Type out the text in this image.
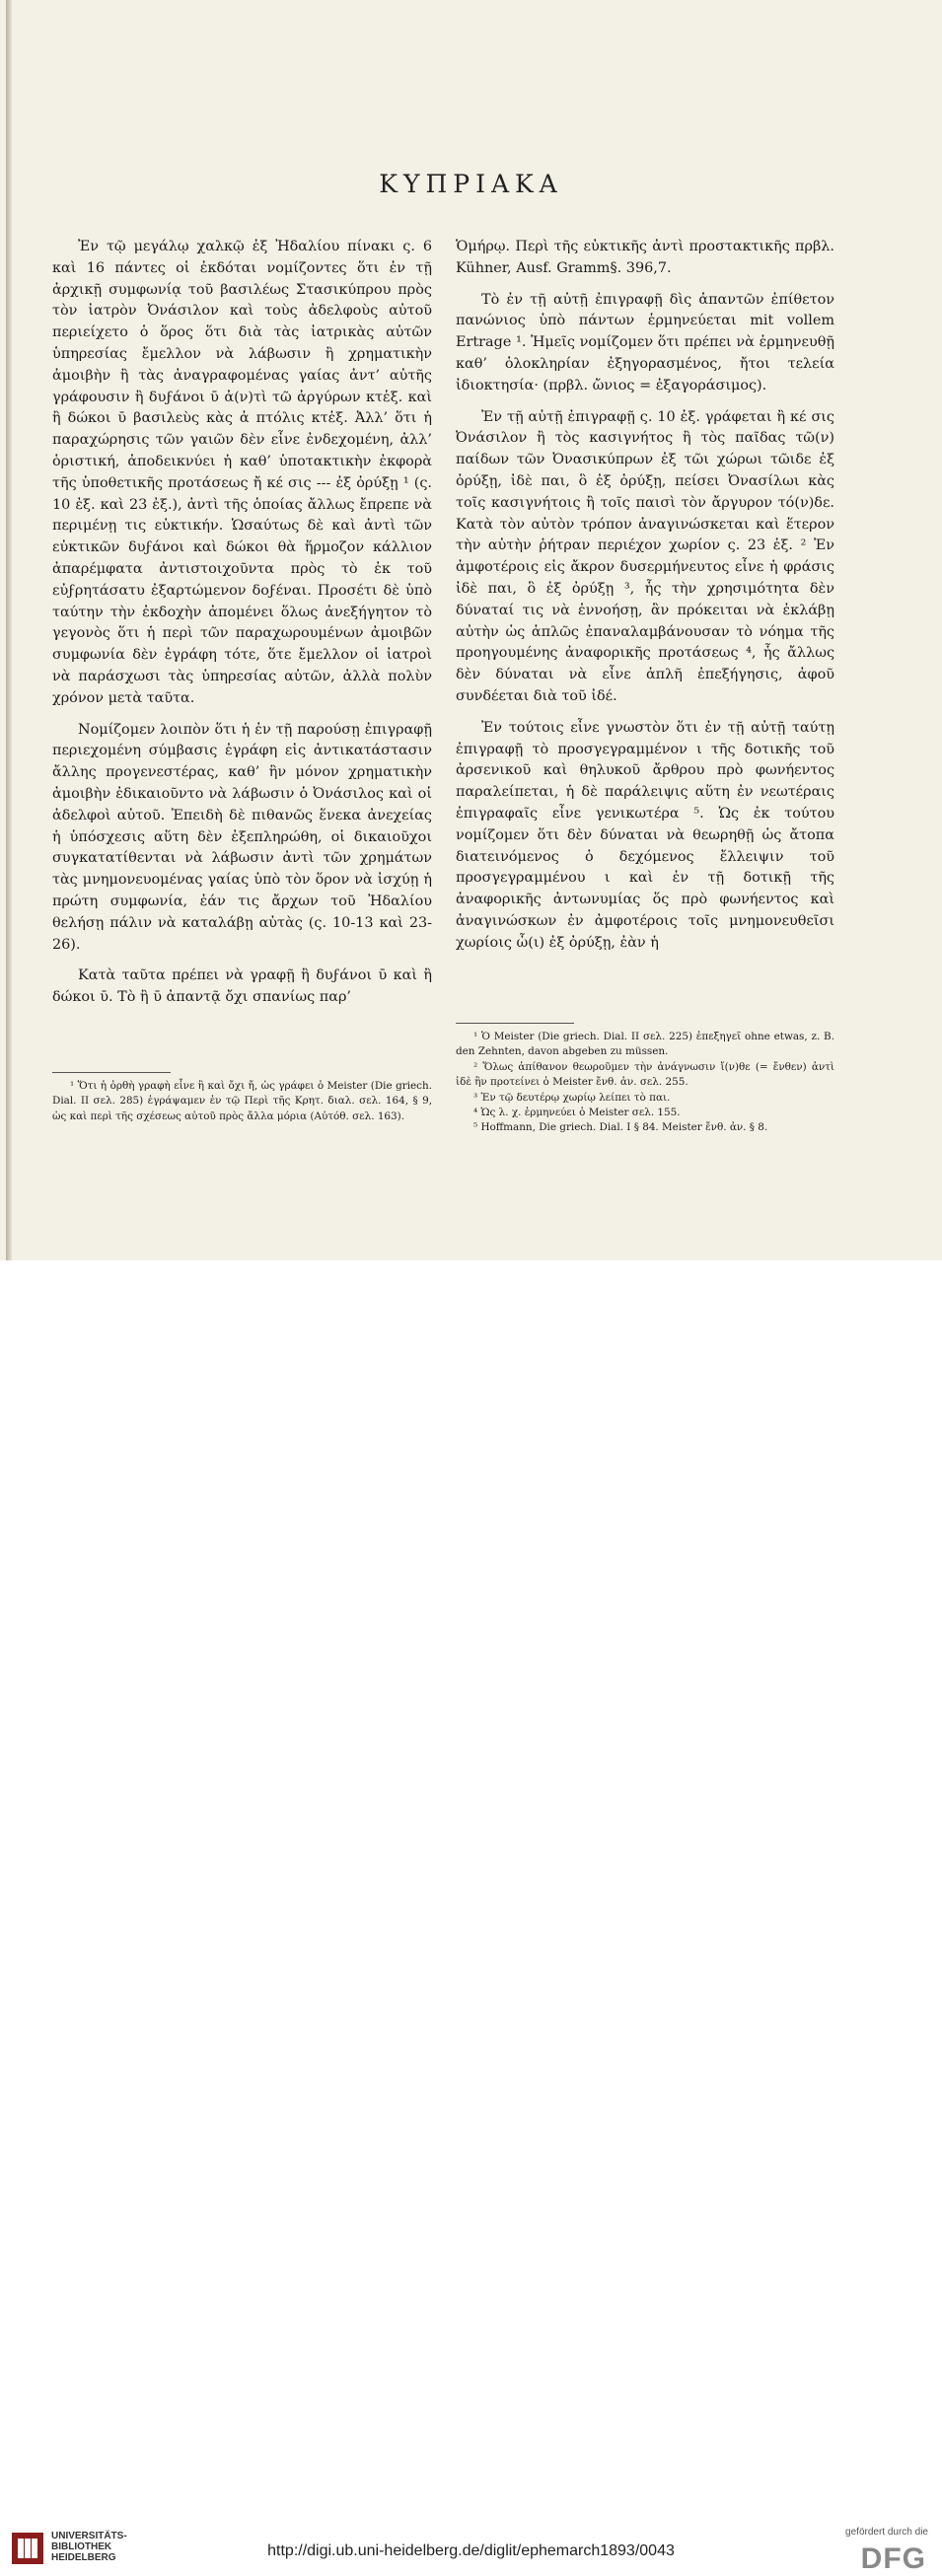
ΚΥΠΡΙΑΚΑ

Ἐν τῷ μεγάλῳ χαλκῷ ἐξ Ἠδαλίου πίνακι ς. 6 καὶ 16 πάντες οἱ ἐκδόται νομίζοντες ὅτι ἐν τῇ ἀρχικῇ συμφωνίᾳ τοῦ βασιλέως Στασικύπρου πρὸς τὸν ἰατρὸν Ὀνάσιλον καὶ τοὺς ἀδελφοὺς αὐτοῦ περιείχετο ὁ ὅρος ὅτι διὰ τὰς ἰατρικὰς αὐτῶν ὑπηρεσίας ἔμελλον νὰ λάβωσιν ἢ χρηματικὴν ἀμοιβὴν ἢ τὰς ἀναγραφομένας γαίας ἀντ’ αὐτῆς γράφουσιν ἢ δυϝάνοι ῡ ἀ(ν)τὶ τῶ ἀργύρων κτἑξ. καὶ ἢ δώκοι ῡ βασιλεὺς κὰς ἀ πτόλις κτἑξ. Ἀλλ’ ὅτι ἡ παραχώρησις τῶν γαιῶν δὲν εἶνε ἐνδεχομένη, ἀλλ’ ὁριστική, ἀποδεικνύει ἡ καθ’ ὑποτακτικὴν ἐκφορὰ τῆς ὑποθετικῆς προτάσεως ἤ κέ σις --- ἐξ ὀρύξῃ ¹ (ς. 10 ἐξ. καὶ 23 ἐξ.), ἀντὶ τῆς ὁποίας ἄλλως ἔπρεπε νὰ περιμένῃ τις εὐκτικήν. Ὡσαύτως δὲ καὶ ἀντὶ τῶν εὐκτικῶν δυϝάνοι καὶ δώκοι θὰ ἥρμοζον κάλλιον ἀπαρέμφατα ἀντιστοιχοῦντα πρὸς τὸ ἐκ τοῦ εὐϝρητάσατυ ἐξαρτώμενον δοϝέναι. Προσέτι δὲ ὑπὸ ταύτην τὴν ἐκδοχὴν ἀπομένει ὅλως ἀνεξήγητον τὸ γεγονὸς ὅτι ἡ περὶ τῶν παραχωρουμένων ἀμοιβῶν συμφωνία δὲν ἐγράφη τότε, ὅτε ἔμελλον οἱ ἰατροὶ νὰ παράσχωσι τὰς ὑπηρεσίας αὐτῶν, ἀλλὰ πολὺν χρόνον μετὰ ταῦτα.

Νομίζομεν λοιπὸν ὅτι ἡ ἐν τῇ παρούσῃ ἐπιγραφῇ περιεχομένη σύμβασις ἐγράφη εἰς ἀντικατάστασιν ἄλλης προγενεστέρας, καθ’ ἣν μόνον χρηματικὴν ἀμοιβὴν ἐδικαιοῦντο νὰ λάβωσιν ὁ Ὀνάσιλος καὶ οἱ ἀδελφοὶ αὐτοῦ. Ἐπειδὴ δὲ πιθανῶς ἕνεκα ἀνεχείας ἡ ὑπόσχεσις αὕτη δὲν ἐξεπληρώθη, οἱ δικαιοῦχοι συγκατατίθενται νὰ λάβωσιν ἀντὶ τῶν χρημάτων τὰς μνημονευομένας γαίας ὑπὸ τὸν ὅρον νὰ ἰσχύῃ ἡ πρώτη συμφωνία, ἐάν τις ἄρχων τοῦ Ἠδαλίου θελήσῃ πάλιν νὰ καταλάβῃ αὐτὰς (ς. 10-13 καὶ 23-26).

Κατὰ ταῦτα πρέπει νὰ γραφῇ ἢ δυϝάνοι ῡ καὶ ἢ δώκοι ῡ. Τὸ ἢ ῡ ἀπαντᾷ ὄχι σπανίως παρ’

¹ Ὅτι ἡ ὀρθὴ γραφὴ εἶνε ἢ καὶ ὄχι ἤ, ὡς γράφει ὁ Meister (Die griech. Dial. II σελ. 285) ἐγράψαμεν ἐν τῷ Περὶ τῆς Κρητ. διαλ. σελ. 164, § 9, ὡς καὶ περὶ τῆς σχέσεως αὐτοῦ πρὸς ἄλλα μόρια (Αὐτόθ. σελ. 163).

Ὁμήρῳ. Περὶ τῆς εὐκτικῆς ἀντὶ προστακτικῆς πρβλ. Kühner, Ausf. Gramm§. 396,7.

Τὸ ἐν τῇ αὐτῇ ἐπιγραφῇ δὶς ἀπαντῶν ἐπίθετον πανώνιος ὑπὸ πάντων ἑρμηνεύεται mit vollem Ertrage ¹. Ἡμεῖς νομίζομεν ὅτι πρέπει νὰ ἑρμηνευθῇ καθ’ ὁλοκληρίαν ἐξηγορασμένος, ἤτοι τελεία ἰδιοκτησία· (πρβλ. ὤνιος = ἐξαγοράσιμος).

Ἐν τῇ αὐτῇ ἐπιγραφῇ ς. 10 ἐξ. γράφεται ἢ κέ σις Ὀνάσιλον ἢ τὸς κασιγνήτος ἢ τὸς παῖδας τῶ(ν) παίδων τῶν Ὀνασικύπρων ἐξ τῶι χώρωι τῶιδε ἐξ ὀρύξῃ, ἰδὲ παι, ὃ ἐξ ὀρύξῃ, πείσει Ὀνασίλωι κὰς τοῖς κασιγνήτοις ἢ τοῖς παισὶ τὸν ἄργυρον τό(ν)δε. Κατὰ τὸν αὐτὸν τρόπον ἀναγινώσκεται καὶ ἕτερον τὴν αὐτὴν ῥήτραν περιέχον χωρίον ς. 23 ἐξ. ² Ἐν ἀμφοτέροις εἰς ἄκρον δυσερμήνευτος εἶνε ἡ φράσις ἰδὲ παι, ὃ ἐξ ὀρύξῃ ³, ἧς τὴν χρησιμότητα δὲν δύναταί τις νὰ ἐννοήσῃ, ἂν πρόκειται νὰ ἐκλάβῃ αὐτὴν ὡς ἁπλῶς ἐπαναλαμβάνουσαν τὸ νόημα τῆς προηγουμένης ἀναφορικῆς προτάσεως ⁴, ἧς ἄλλως δὲν δύναται νὰ εἶνε ἁπλῆ ἐπεξήγησις, ἀφοῦ συνδέεται διὰ τοῦ ἰδέ.

Ἐν τούτοις εἶνε γνωστὸν ὅτι ἐν τῇ αὐτῇ ταύτῃ ἐπιγραφῇ τὸ προσγεγραμμένον ι τῆς δοτικῆς τοῦ ἀρσενικοῦ καὶ θηλυκοῦ ἄρθρου πρὸ φωνήεντος παραλείπεται, ἡ δὲ παράλειψις αὕτη ἐν νεωτέραις ἐπιγραφαῖς εἶνε γενικωτέρα ⁵. Ὡς ἐκ τούτου νομίζομεν ὅτι δὲν δύναται νὰ θεωρηθῇ ὡς ἄτοπα διατεινόμενος ὁ δεχόμενος ἔλλειψιν τοῦ προσγεγραμμένου ι καὶ ἐν τῇ δοτικῇ τῆς ἀναφορικῆς ἀντωνυμίας ὅς πρὸ φωνήεντος καὶ ἀναγινώσκων ἐν ἀμφοτέροις τοῖς μνημονευθεῖσι χωρίοις ὧ(ι) ἐξ ὀρύξῃ, ἐὰν ἡ

¹ Ὁ Meister (Die griech. Dial. II σελ. 225) ἐπεξηγεῖ ohne etwas, z. B. den Zehnten, davon abgeben zu müssen.

² Ὅλως ἀπίθανον θεωροῦμεν τὴν ἀνάγνωσιν ἴ(ν)θε (= ἔνθεν) ἀντὶ ἰδὲ ἣν προτείνει ὁ Meister ἔνθ. ἀν. σελ. 255.

³ Ἐν τῷ δευτέρῳ χωρίῳ λείπει τὸ παι.

⁴ Ὡς λ. χ. ἑρμηνεύει ὁ Meister σελ. 155.

⁵ Hoffmann, Die griech. Dial. I § 84. Meister ἔνθ. ἀν. § 8.

UNIVERSITÄTS- BIBLIOTHEK HEIDELBERG	http://digi.ub.uni-heidelberg.de/diglit/ephemarch1893/0043
gefördert durch die
DFG
